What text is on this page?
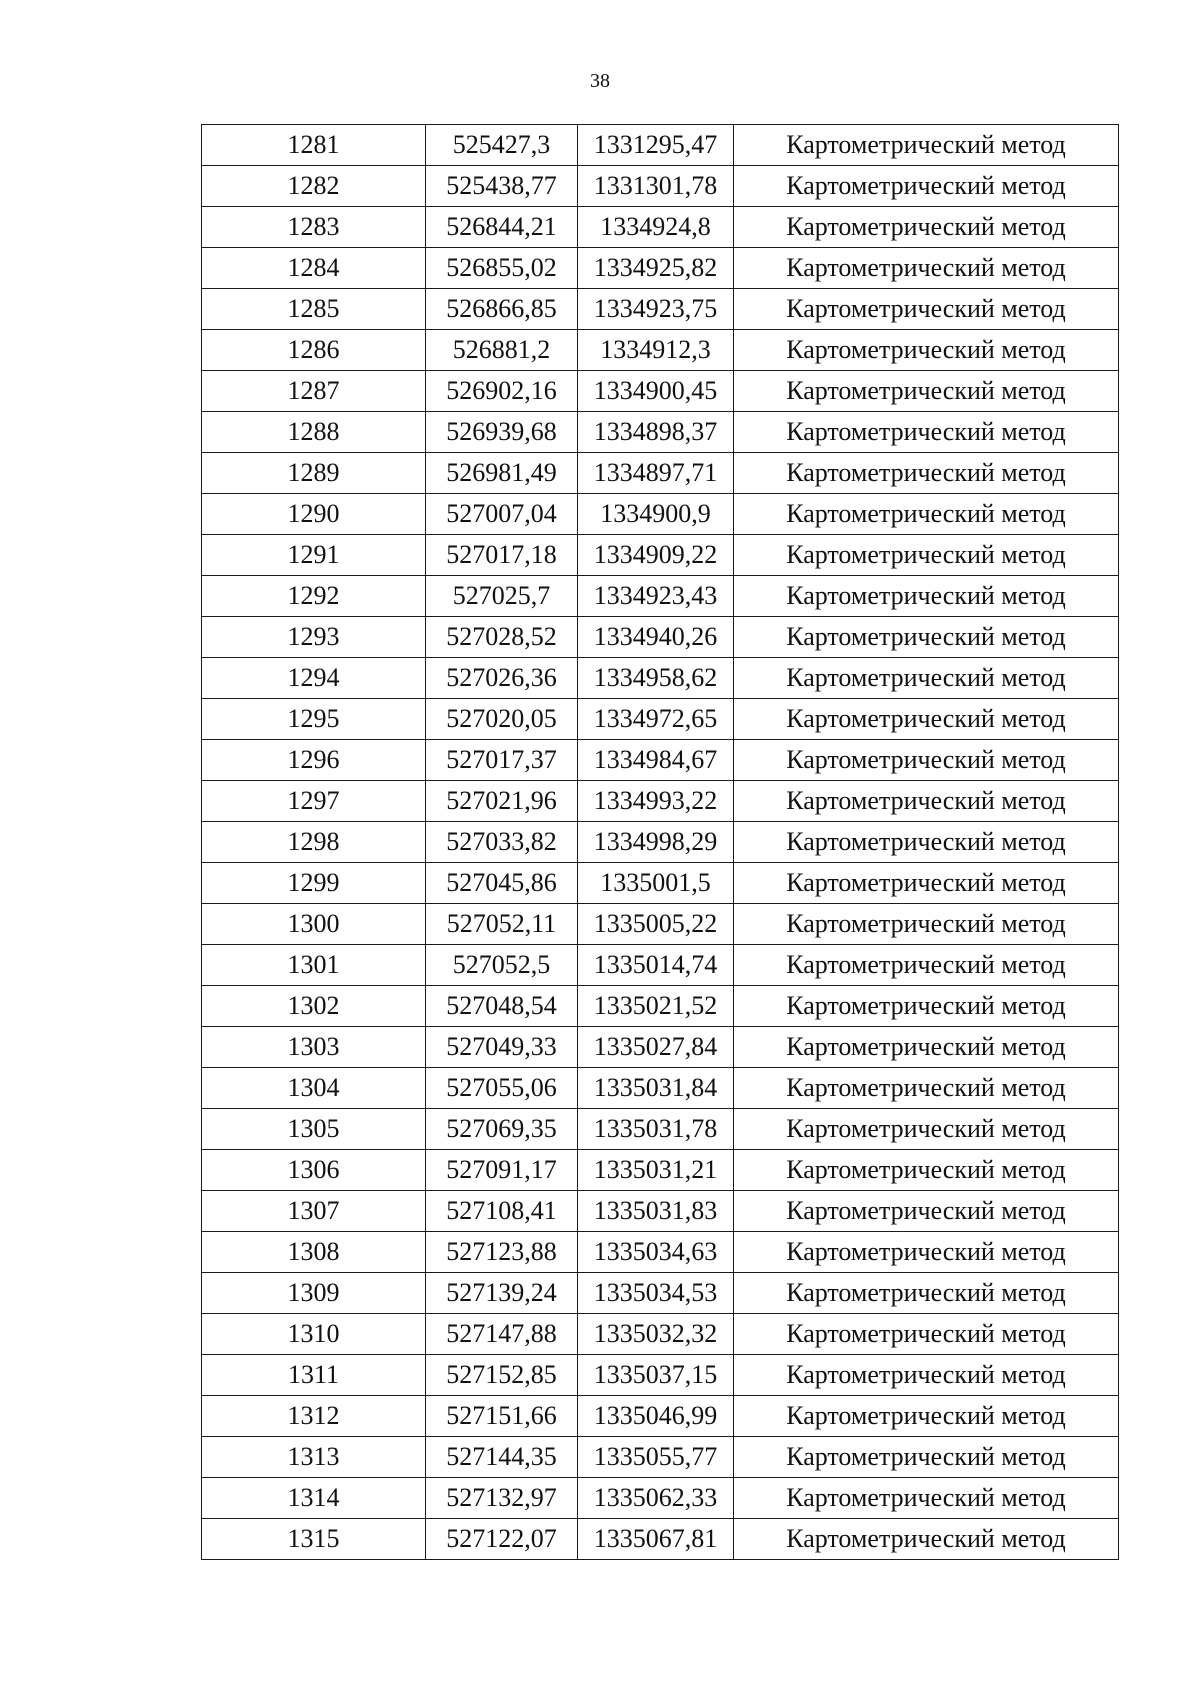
38
1281	525427,3	1331295,47	Картометрический метод
1282	525438,77	1331301,78	Картометрический метод
1283	526844,21	1334924,8	Картометрический метод
1284	526855,02	1334925,82	Картометрический метод
1285	526866,85	1334923,75	Картометрический метод
1286	526881,2	1334912,3	Картометрический метод
1287	526902,16	1334900,45	Картометрический метод
1288	526939,68	1334898,37	Картометрический метод
1289	526981,49	1334897,71	Картометрический метод
1290	527007,04	1334900,9	Картометрический метод
1291	527017,18	1334909,22	Картометрический метод
1292	527025,7	1334923,43	Картометрический метод
1293	527028,52	1334940,26	Картометрический метод
1294	527026,36	1334958,62	Картометрический метод
1295	527020,05	1334972,65	Картометрический метод
1296	527017,37	1334984,67	Картометрический метод
1297	527021,96	1334993,22	Картометрический метод
1298	527033,82	1334998,29	Картометрический метод
1299	527045,86	1335001,5	Картометрический метод
1300	527052,11	1335005,22	Картометрический метод
1301	527052,5	1335014,74	Картометрический метод
1302	527048,54	1335021,52	Картометрический метод
1303	527049,33	1335027,84	Картометрический метод
1304	527055,06	1335031,84	Картометрический метод
1305	527069,35	1335031,78	Картометрический метод
1306	527091,17	1335031,21	Картометрический метод
1307	527108,41	1335031,83	Картометрический метод
1308	527123,88	1335034,63	Картометрический метод
1309	527139,24	1335034,53	Картометрический метод
1310	527147,88	1335032,32	Картометрический метод
1311	527152,85	1335037,15	Картометрический метод
1312	527151,66	1335046,99	Картометрический метод
1313	527144,35	1335055,77	Картометрический метод
1314	527132,97	1335062,33	Картометрический метод
1315	527122,07	1335067,81	Картометрический метод
